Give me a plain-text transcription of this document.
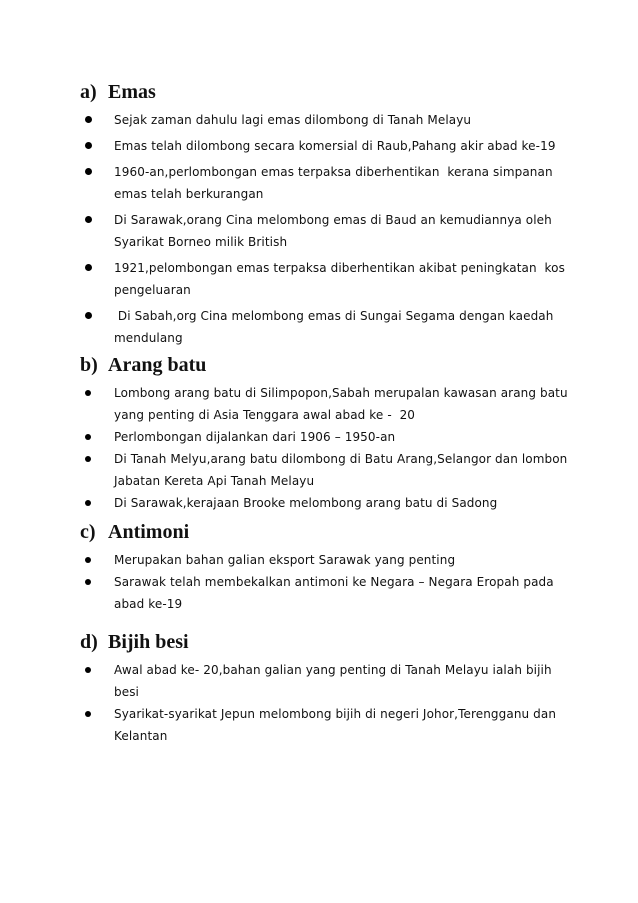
a) Emas
Sejak zaman dahulu lagi emas dilombong di Tanah Melayu
Emas telah dilombong secara komersial di Raub,Pahang akir abad ke-19
1960-an,perlombongan emas terpaksa diberhentikan  kerana simpanan
emas telah berkurangan
Di Sarawak,orang Cina melombong emas di Baud an kemudiannya oleh
Syarikat Borneo milik British
1921,pelombongan emas terpaksa diberhentikan akibat peningkatan  kos
pengeluaran
Di Sabah,org Cina melombong emas di Sungai Segama dengan kaedah
mendulang
b) Arang batu
Lombong arang batu di Silimpopon,Sabah merupalan kawasan arang batu
yang penting di Asia Tenggara awal abad ke -  20
Perlombongan dijalankan dari 1906 – 1950-an
Di Tanah Melyu,arang batu dilombong di Batu Arang,Selangor dan lombon
Jabatan Kereta Api Tanah Melayu
Di Sarawak,kerajaan Brooke melombong arang batu di Sadong
c) Antimoni
Merupakan bahan galian eksport Sarawak yang penting
Sarawak telah membekalkan antimoni ke Negara – Negara Eropah pada
abad ke-19
d) Bijih besi
Awal abad ke- 20,bahan galian yang penting di Tanah Melayu ialah bijih
besi
Syarikat-syarikat Jepun melombong bijih di negeri Johor,Terengganu dan
Kelantan
